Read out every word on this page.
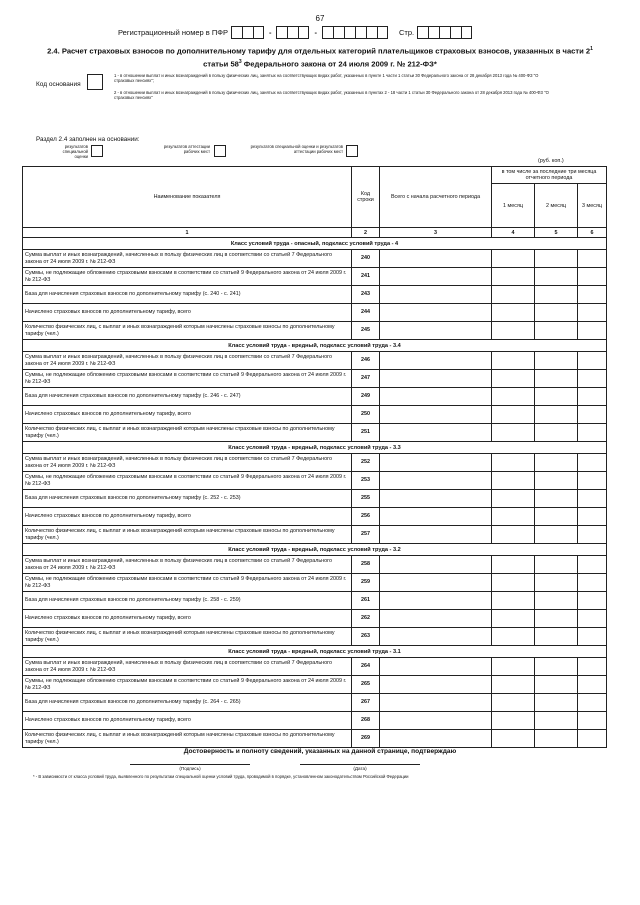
67
Регистрационный номер в ПФР	-	-	Стр.
2.4. Расчет страховых взносов по дополнительному тарифу для отдельных категорий плательщиков страховых взносов, указанных в части $2^1$
статьи $58^3$ Федерального закона от 24 июля 2009 г. № 212-ФЗ*
Код основания
1 - в отношении выплат и иных вознаграждений в пользу физических лиц, занятых на соответствующих видах работ, указанных в пункте 1 части 1 статьи 30 Федерального закона от 28 декабря 2013 года № 400-ФЗ "О страховых пенсиях";
2 - в отношении выплат и иных вознаграждений в пользу физических лиц, занятых на соответствующих видах работ, указанных в пунктах 2 - 18 части 1 статьи 30 Федерального закона от 28 декабря 2013 года № 400-ФЗ "О страховых пенсиях"
Раздел 2.4 заполнен на основании:
результатов специальной оценки
результатов аттестации рабочих мест
результатов специальной оценки и результатов аттестации рабочих мест
(руб. коп.)
Наименование показателя	Код строки	Всего с начала расчетного периода	в том числе за последние три месяца отчетного периода		
			1 месяц	2 месяц	3 месяц
1	2	3	4	5	6
Класс условий труда - опасный, подкласс условий труда - 4					
Сумма выплат и иных вознаграждений, начисленных в пользу физических лиц в соответствии со статьей 7 Федерального закона от 24 июля 2009 г. № 212-ФЗ	240				
Суммы, не подлежащие обложению страховыми взносами в соответствии со статьей 9 Федерального закона от 24 июля 2009 г. № 212-ФЗ	241				
База для начисления страховых взносов по дополнительному тарифу (с. 240 - с. 241)	243				
Начислено страховых взносов по дополнительному тарифу, всего	244				
Количество физических лиц, с выплат и иных вознаграждений которым начислены страховые взносы по дополнительному тарифу (чел.)	245				
Класс условий труда - вредный, подкласс условий труда - 3.4					
Сумма выплат и иных вознаграждений, начисленных в пользу физических лиц в соответствии со статьей 7 Федерального закона от 24 июля 2009 г. № 212-ФЗ	246				
Суммы, не подлежащие обложению страховыми взносами в соответствии со статьей 9 Федерального закона от 24 июля 2009 г. № 212-ФЗ	247				
База для начисления страховых взносов по дополнительному тарифу (с. 246 - с. 247)	249				
Начислено страховых взносов по дополнительному тарифу, всего	250				
Количество физических лиц, с выплат и иных вознаграждений которым начислены страховые взносы по дополнительному тарифу (чел.)	251				
Класс условий труда - вредный, подкласс условий труда - 3.3					
Сумма выплат и иных вознаграждений, начисленных в пользу физических лиц в соответствии со статьей 7 Федерального закона от 24 июля 2009 г. № 212-ФЗ	252				
Суммы, не подлежащие обложению страховыми взносами в соответствии со статьей 9 Федерального закона от 24 июля 2009 г. № 212-ФЗ	253				
База для начисления страховых взносов по дополнительному тарифу (с. 252 - с. 253)	255				
Начислено страховых взносов по дополнительному тарифу, всего	256				
Количество физических лиц, с выплат и иных вознаграждений которым начислены страховые взносы по дополнительному тарифу (чел.)	257				
Класс условий труда - вредный, подкласс условий труда - 3.2					
Сумма выплат и иных вознаграждений, начисленных в пользу физических лиц в соответствии со статьей 7 Федерального закона от 24 июля 2009 г. № 212-ФЗ	258				
Суммы, не подлежащие обложению страховыми взносами в соответствии со статьей 9 Федерального закона от 24 июля 2009 г. № 212-ФЗ	259				
База для начисления страховых взносов по дополнительному тарифу (с. 258 - с. 259)	261				
Начислено страховых взносов по дополнительному тарифу, всего	262				
Количество физических лиц, с выплат и иных вознаграждений которым начислены страховые взносы по дополнительному тарифу (чел.)	263				
Класс условий труда - вредный, подкласс условий труда - 3.1					
Сумма выплат и иных вознаграждений, начисленных в пользу физических лиц в соответствии со статьей 7 Федерального закона от 24 июля 2009 г. № 212-ФЗ	264				
Суммы, не подлежащие обложению страховыми взносами в соответствии со статьей 9 Федерального закона от 24 июля 2009 г. № 212-ФЗ	265				
База для начисления страховых взносов по дополнительному тарифу (с. 264 - с. 265)	267				
Начислено страховых взносов по дополнительному тарифу, всего	268				
Количество физических лиц, с выплат и иных вознаграждений которым начислены страховые взносы по дополнительному тарифу (чел.)	269				
Достоверность и полноту сведений, указанных на данной странице, подтверждаю
(Подпись)	(Дата)
* - В зависимости от класса условий труда, выявленного по результатам специальной оценки условий труда, проводимой в порядке, установленном законодательством Российской Федерации
